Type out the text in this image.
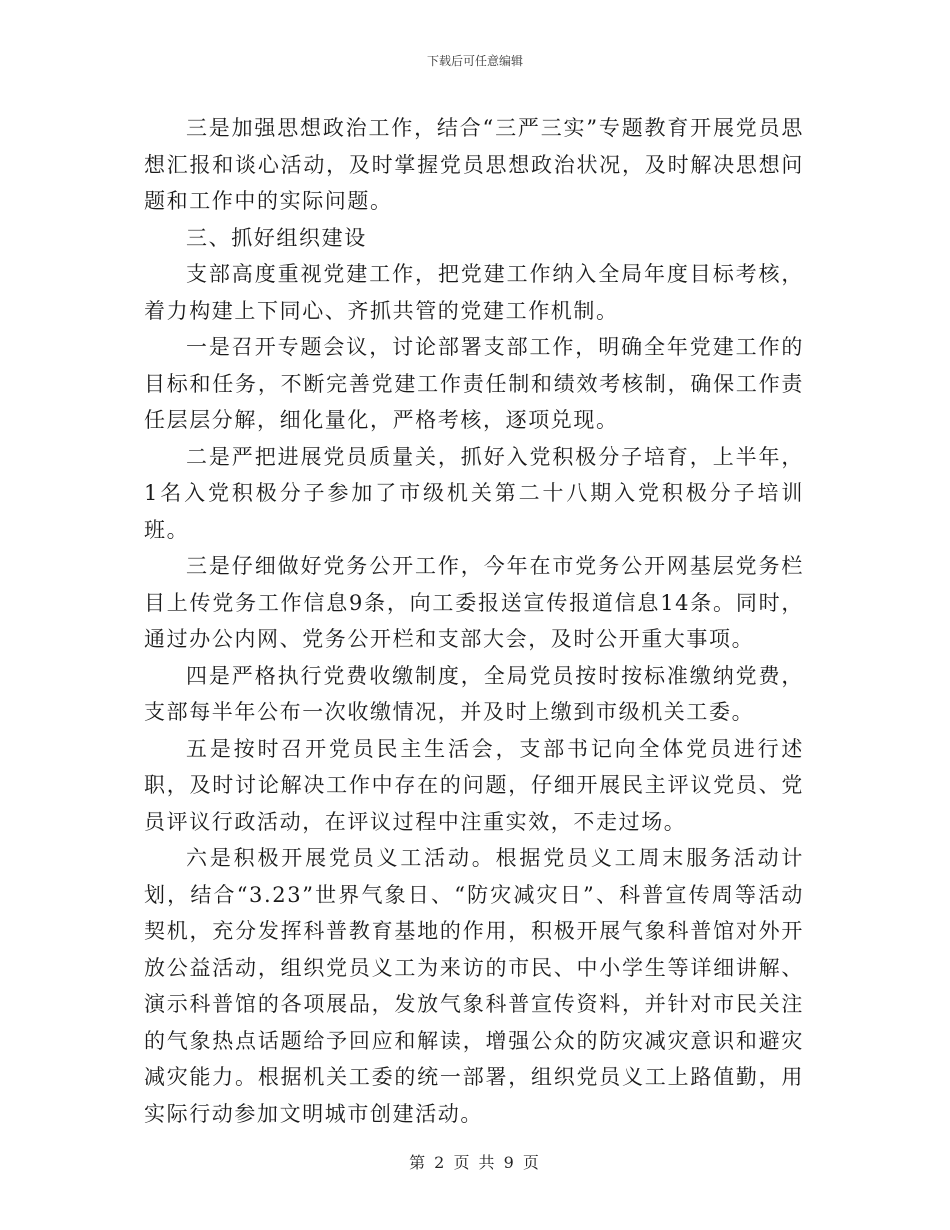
下载后可任意编辑

三是加强思想政治工作，结合“三严三实”专题教育开展党员思想汇报和谈心活动，及时掌握党员思想政治状况，及时解决思想问题和工作中的实际问题。

三、抓好组织建设

支部高度重视党建工作，把党建工作纳入全局年度目标考核，着力构建上下同心、齐抓共管的党建工作机制。

一是召开专题会议，讨论部署支部工作，明确全年党建工作的目标和任务，不断完善党建工作责任制和绩效考核制，确保工作责任层层分解，细化量化，严格考核，逐项兑现。

二是严把进展党员质量关，抓好入党积极分子培育，上半年，1名入党积极分子参加了市级机关第二十八期入党积极分子培训班。

三是仔细做好党务公开工作，今年在市党务公开网基层党务栏目上传党务工作信息9条，向工委报送宣传报道信息14条。同时，通过办公内网、党务公开栏和支部大会，及时公开重大事项。

四是严格执行党费收缴制度，全局党员按时按标准缴纳党费，支部每半年公布一次收缴情况，并及时上缴到市级机关工委。

五是按时召开党员民主生活会，支部书记向全体党员进行述职，及时讨论解决工作中存在的问题，仔细开展民主评议党员、党员评议行政活动，在评议过程中注重实效，不走过场。

六是积极开展党员义工活动。根据党员义工周末服务活动计划，结合“3.23”世界气象日、“防灾减灾日”、科普宣传周等活动契机，充分发挥科普教育基地的作用，积极开展气象科普馆对外开放公益活动，组织党员义工为来访的市民、中小学生等详细讲解、演示科普馆的各项展品，发放气象科普宣传资料，并针对市民关注的气象热点话题给予回应和解读，增强公众的防灾减灾意识和避灾减灾能力。根据机关工委的统一部署，组织党员义工上路值勤，用实际行动参加文明城市创建活动。

第 2 页 共 9 页
